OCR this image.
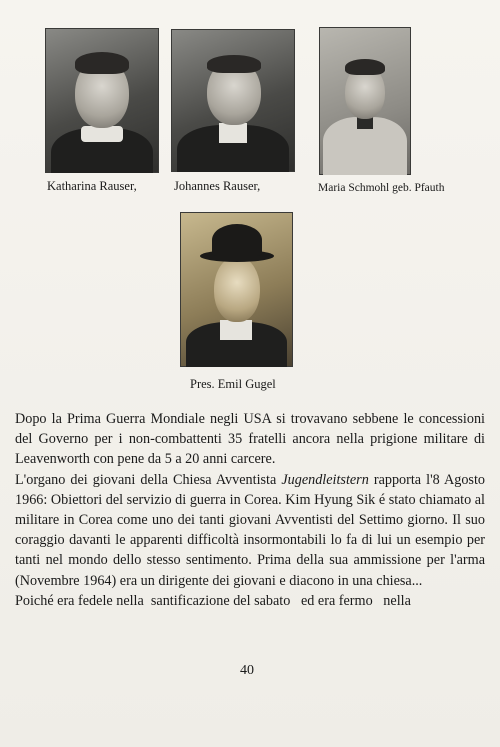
Katharina Rauser,	Johannes Rauser,	Maria Schmohl geb. Pfauth
Pres. Emil Gugel

Dopo la Prima Guerra Mondiale negli USA si trovavano sebbene le concessioni del Governo per i non-combattenti 35 fratelli ancora nella prigione militare di Leavenworth con pene da 5 a 20 anni carcere.

L'organo dei giovani della Chiesa Avventista Jugendleitstern rapporta l'8 Agosto 1966: Obiettori del servizio di guerra in Corea. Kim Hyung Sik é stato chiamato al militare in Corea come uno dei tanti giovani Avventisti del Settimo giorno. Il suo coraggio davanti le apparenti difficoltà insormontabili lo fa di lui un esempio per tanti nel mondo dello stesso sentimento. Prima della sua ammissione per l'arma (Novembre 1964) era un dirigente dei giovani e diacono in una chiesa...

Poiché era fedele nella  santificazione del sabato   ed era fermo   nella

40
